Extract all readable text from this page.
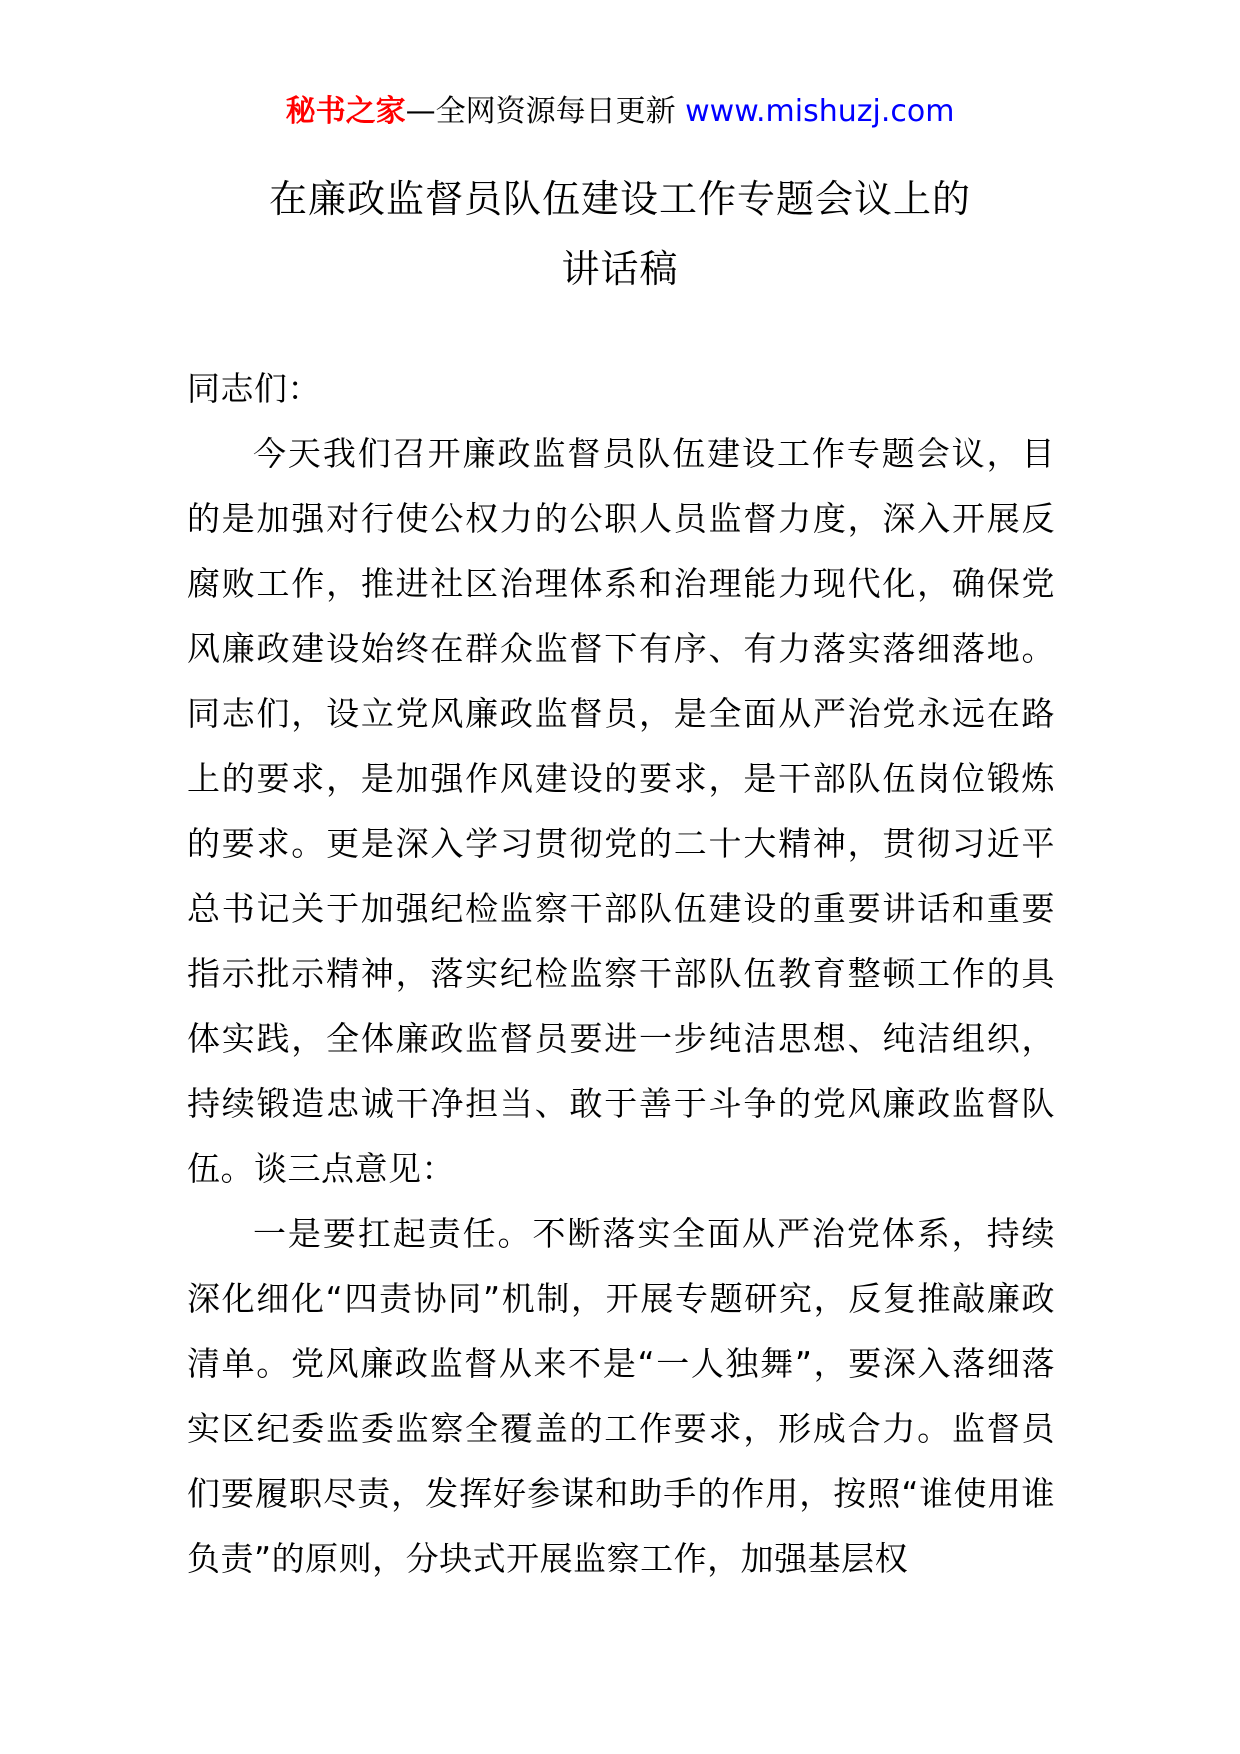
秘书之家—全网资源每日更新 www.mishuzj.com
在廉政监督员队伍建设工作专题会议上的
讲话稿

同志们：

今天我们召开廉政监督员队伍建设工作专题会议，目的是加强对行使公权力的公职人员监督力度，深入开展反腐败工作，推进社区治理体系和治理能力现代化，确保党风廉政建设始终在群众监督下有序、有力落实落细落地。同志们，设立党风廉政监督员，是全面从严治党永远在路上的要求，是加强作风建设的要求，是干部队伍岗位锻炼的要求。更是深入学习贯彻党的二十大精神，贯彻习近平总书记关于加强纪检监察干部队伍建设的重要讲话和重要指示批示精神，落实纪检监察干部队伍教育整顿工作的具体实践，全体廉政监督员要进一步纯洁思想、纯洁组织，持续锻造忠诚干净担当、敢于善于斗争的党风廉政监督队伍。谈三点意见：

一是要扛起责任。不断落实全面从严治党体系，持续深化细化“四责协同”机制，开展专题研究，反复推敲廉政清单。党风廉政监督从来不是“一人独舞”，要深入落细落实区纪委监委监察全覆盖的工作要求，形成合力。监督员们要履职尽责，发挥好参谋和助手的作用，按照“谁使用谁负责”的原则，分块式开展监察工作，加强基层权
